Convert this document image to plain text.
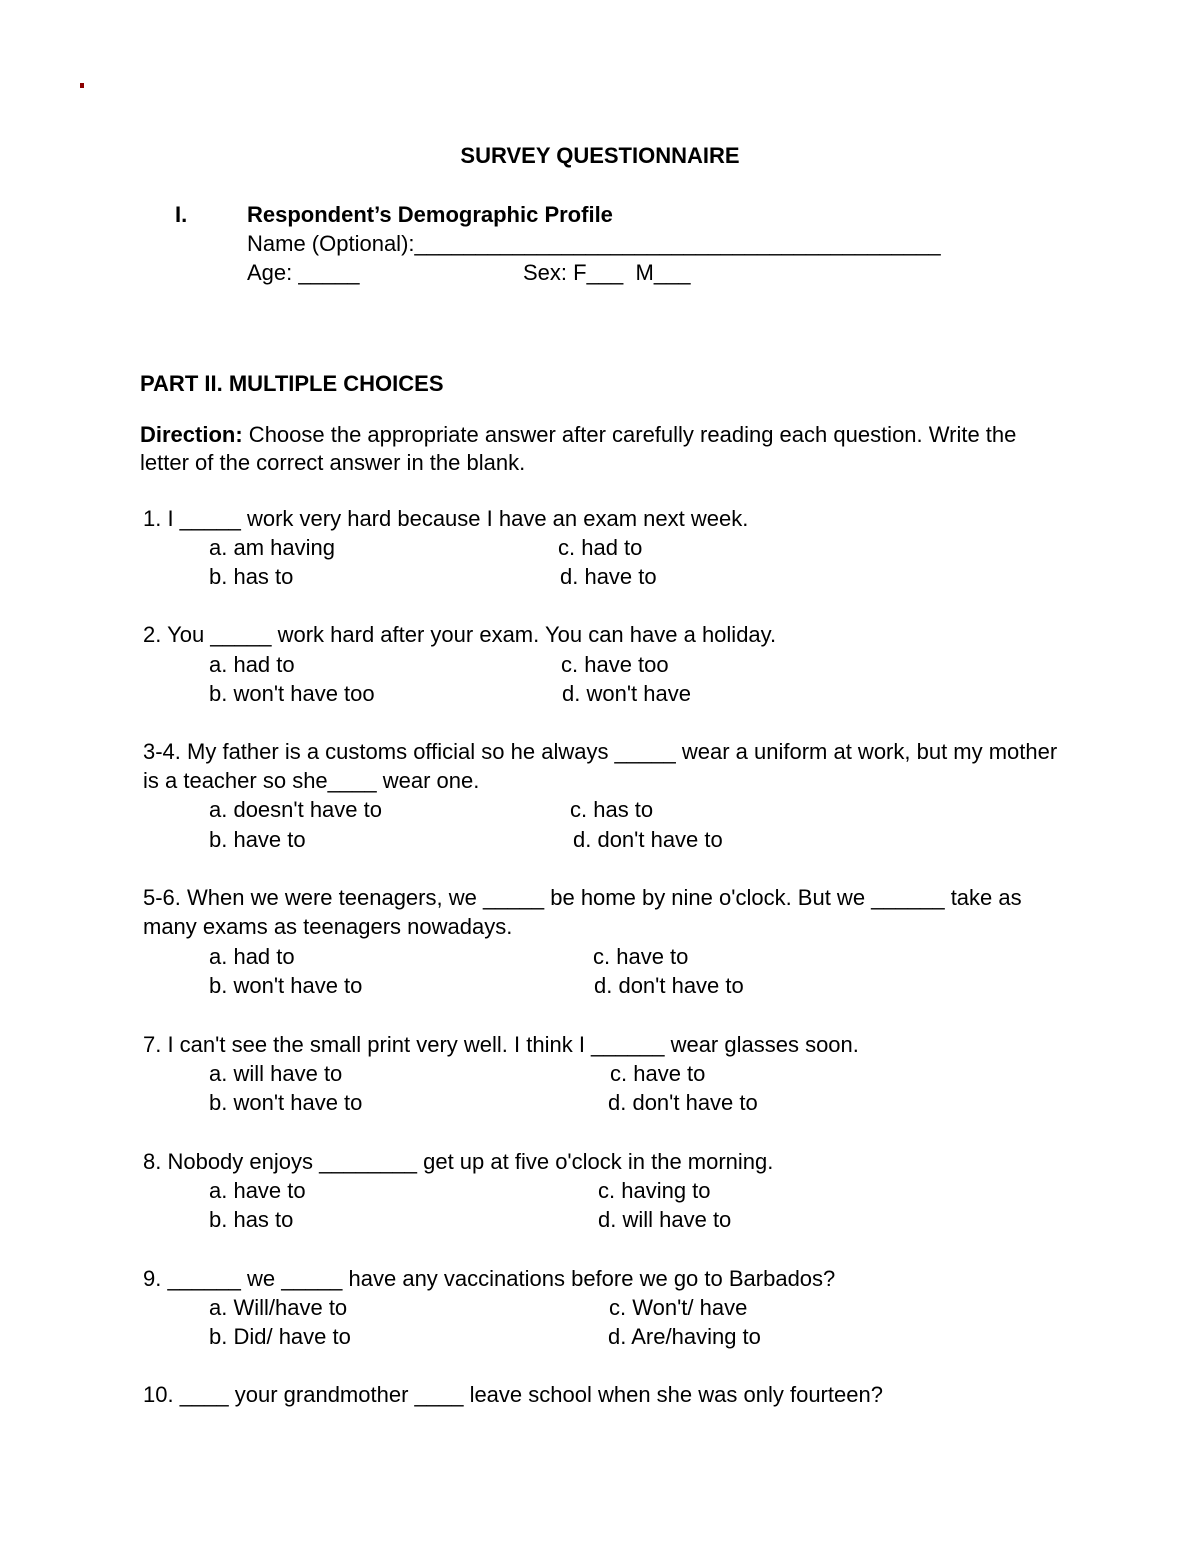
SURVEY QUESTIONNAIRE
I.	Respondent’s Demographic Profile
Name (Optional):___________________________________________
Age: _____	Sex: F___  M___
PART II. MULTIPLE CHOICES
Direction: Choose the appropriate answer after carefully reading each question. Write the letter of the correct answer in the blank.
1. I _____ work very hard because I have an exam next week.
a. am having	c. had to
b. has to	d. have to
2. You _____ work hard after your exam. You can have a holiday.
a. had to	c. have too
b. won't have too	d. won't have
3-4. My father is a customs official so he always _____ wear a uniform at work, but my mother is a teacher so she____ wear one.
a. doesn't have to	c. has to
b. have to	d. don't have to
5-6. When we were teenagers, we _____ be home by nine o'clock. But we ______ take as many exams as teenagers nowadays.
a. had to	c. have to
b. won't have to	d. don't have to
7. I can't see the small print very well. I think I ______ wear glasses soon.
a. will have to	c. have to
b. won't have to	d. don't have to
8. Nobody enjoys ________ get up at five o'clock in the morning.
a. have to	c. having to
b. has to	d. will have to
9. ______ we _____ have any vaccinations before we go to Barbados?
a. Will/have to	c. Won't/ have
b. Did/ have to	d. Are/having to
10. ____ your grandmother ____ leave school when she was only fourteen?
